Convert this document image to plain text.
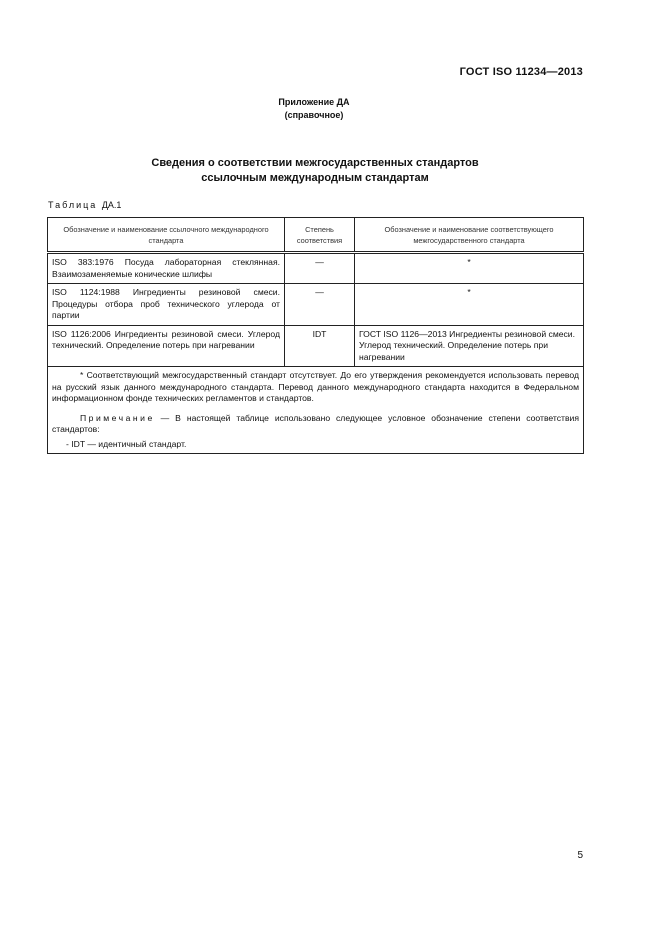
ГОСТ ISO 11234—2013
Приложение ДА
(справочное)
Сведения о соответствии межгосударственных стандартов
ссылочным международным стандартам
Таблица ДА.1
Обозначение и наименование ссылочного международного стандарта	Степень соответствия	Обозначение и наименование соответствующего межгосударственного стандарта
ISO 383:1976 Посуда лабораторная стеклянная. Взаимозаменяемые конические шлифы	—	*
ISO 1124:1988 Ингредиенты резиновой смеси. Процедуры отбора проб технического углерода от партии	—	*
ISO 1126:2006 Ингредиенты резиновой смеси. Углерод технический. Определение потерь при нагревании	IDT	ГОСТ ISO 1126—2013 Ингредиенты резиновой смеси. Углерод технический. Определение потерь при нагревании

* Соответствующий межгосударственный стандарт отсутствует. До его утверждения рекомендуется использовать перевод на русский язык данного международного стандарта. Перевод данного международного стандарта находится в Федеральном информационном фонде технических регламентов и стандартов.

Примечание — В настоящей таблице использовано следующее условное обозначение степени соответствия стандартов:

- IDT — идентичный стандарт.		

5
